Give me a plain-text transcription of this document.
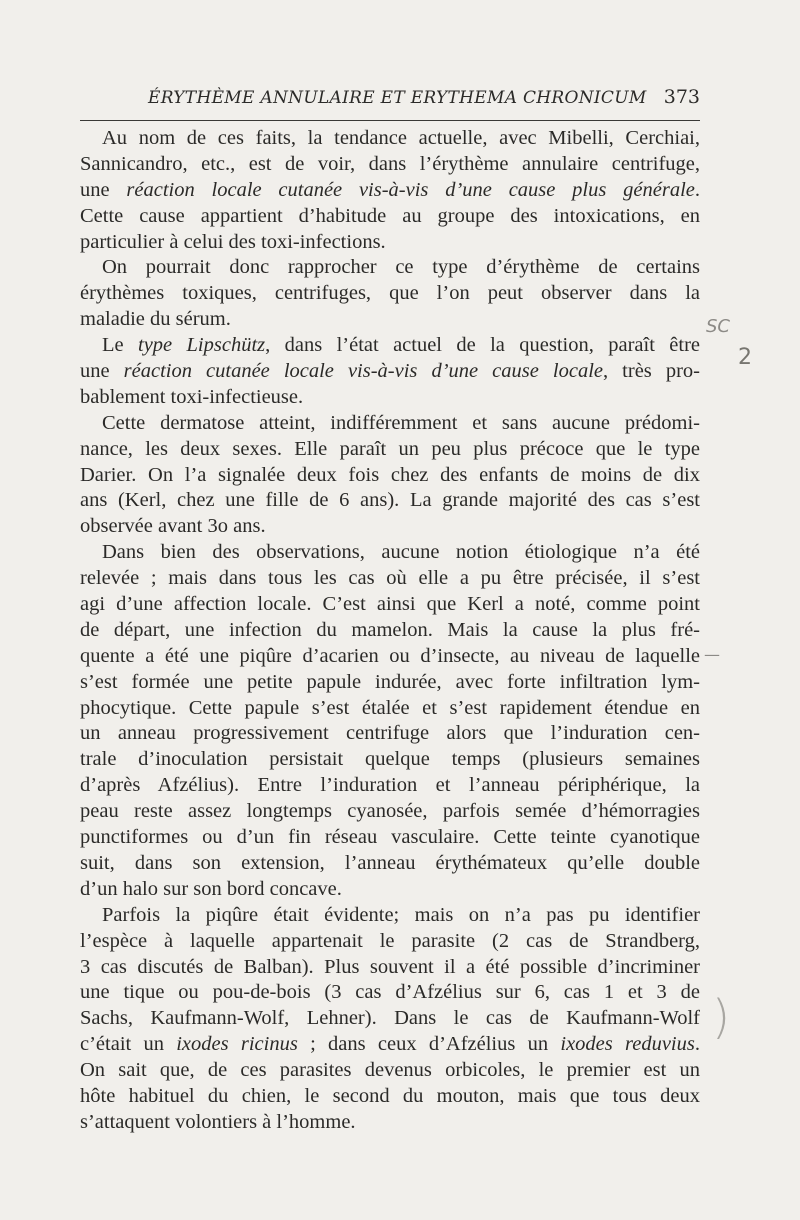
ÉRYTHÈME ANNULAIRE ET ERYTHEMA CHRONICUM 373
Au nom de ces faits, la tendance actuelle, avec Mibelli, Cerchiai,
Sannicandro, etc., est de voir, dans l’érythème annulaire centrifuge,
une réaction locale cutanée vis-à-vis d’une cause plus générale.
Cette cause appartient d’habitude au groupe des intoxications, en
particulier à celui des toxi-infections.
On pourrait donc rapprocher ce type d’érythème de certains
érythèmes toxiques, centrifuges, que l’on peut observer dans la
maladie du sérum.
Le type Lipschütz, dans l’état actuel de la question, paraît être
une réaction cutanée locale vis-à-vis d’une cause locale, très pro-
bablement toxi-infectieuse.
Cette dermatose atteint, indifféremment et sans aucune prédomi-
nance, les deux sexes. Elle paraît un peu plus précoce que le type
Darier. On l’a signalée deux fois chez des enfants de moins de dix
ans (Kerl, chez une fille de 6 ans). La grande majorité des cas s’est
observée avant 3o ans.
Dans bien des observations, aucune notion étiologique n’a été
relevée ; mais dans tous les cas où elle a pu être précisée, il s’est
agi d’une affection locale. C’est ainsi que Kerl a noté, comme point
de départ, une infection du mamelon. Mais la cause la plus fré-
quente a été une piqûre d’acarien ou d’insecte, au niveau de laquelle
s’est formée une petite papule indurée, avec forte infiltration lym-
phocytique. Cette papule s’est étalée et s’est rapidement étendue en
un anneau progressivement centrifuge alors que l’induration cen-
trale d’inoculation persistait quelque temps (plusieurs semaines
d’après Afzélius). Entre l’induration et l’anneau périphérique, la
peau reste assez longtemps cyanosée, parfois semée d’hémorragies
punctiformes ou d’un fin réseau vasculaire. Cette teinte cyanotique
suit, dans son extension, l’anneau érythémateux qu’elle double
d’un halo sur son bord concave.
Parfois la piqûre était évidente; mais on n’a pas pu identifier
l’espèce à laquelle appartenait le parasite (2 cas de Strandberg,
3 cas discutés de Balban). Plus souvent il a été possible d’incriminer
une tique ou pou-de-bois (3 cas d’Afzélius sur 6, cas 1 et 3 de
Sachs, Kaufmann-Wolf, Lehner). Dans le cas de Kaufmann-Wolf
c’était un ixodes ricinus ; dans ceux d’Afzélius un ixodes reduvius.
On sait que, de ces parasites devenus orbicoles, le premier est un
hôte habituel du chien, le second du mouton, mais que tous deux
s’attaquent volontiers à l’homme.
SC
2
—
)
